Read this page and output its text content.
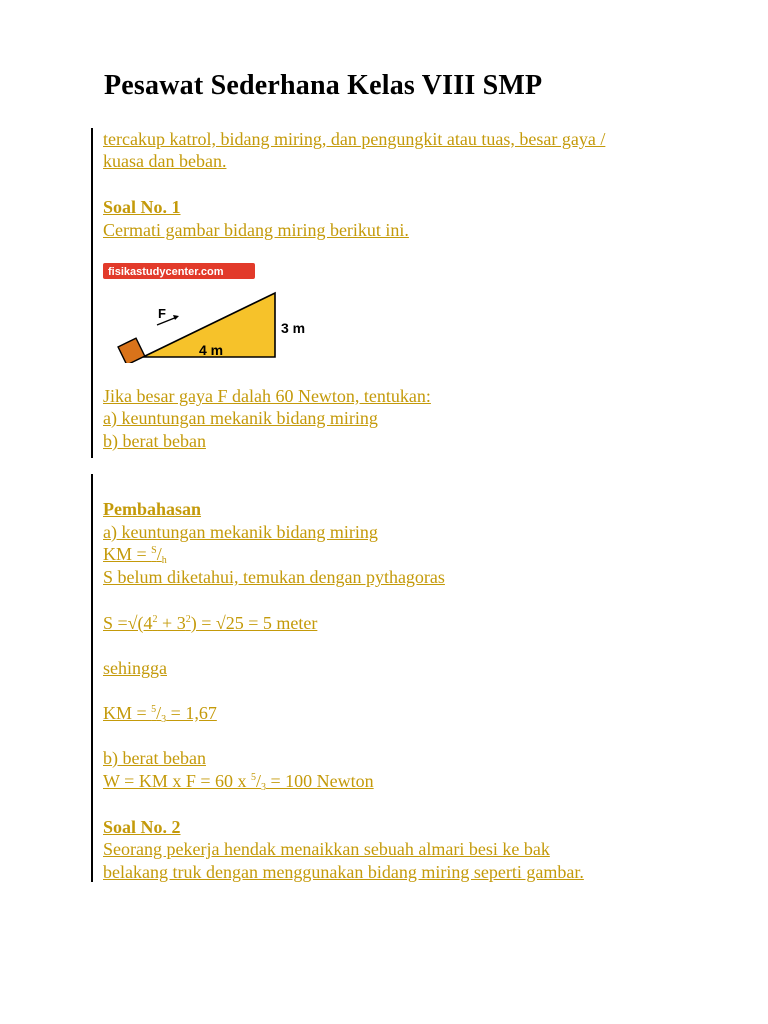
Pesawat Sederhana Kelas VIII SMP
tercakup katrol, bidang miring, dan pengungkit atau tuas, besar gaya /
kuasa dan beban.
Soal No. 1
Cermati gambar bidang miring berikut ini.
fisikastudycenter.com
F
4 m
3 m
Jika besar gaya F dalah 60 Newton, tentukan:
a) keuntungan mekanik bidang miring
b) berat beban
Pembahasan
a) keuntungan mekanik bidang miring
KM = $^S/_h$
S belum diketahui, temukan dengan pythagoras
$S =√(4^2 + 3^2) = √25 = 5$ meter
sehingga
KM = $^5/_3 = 1,67$
b) berat beban
W = KM x F = 60 x $^5/_3 = 100$ Newton
Soal No. 2
Seorang pekerja hendak menaikkan sebuah almari besi ke bak
belakang truk dengan menggunakan bidang miring seperti gambar.
